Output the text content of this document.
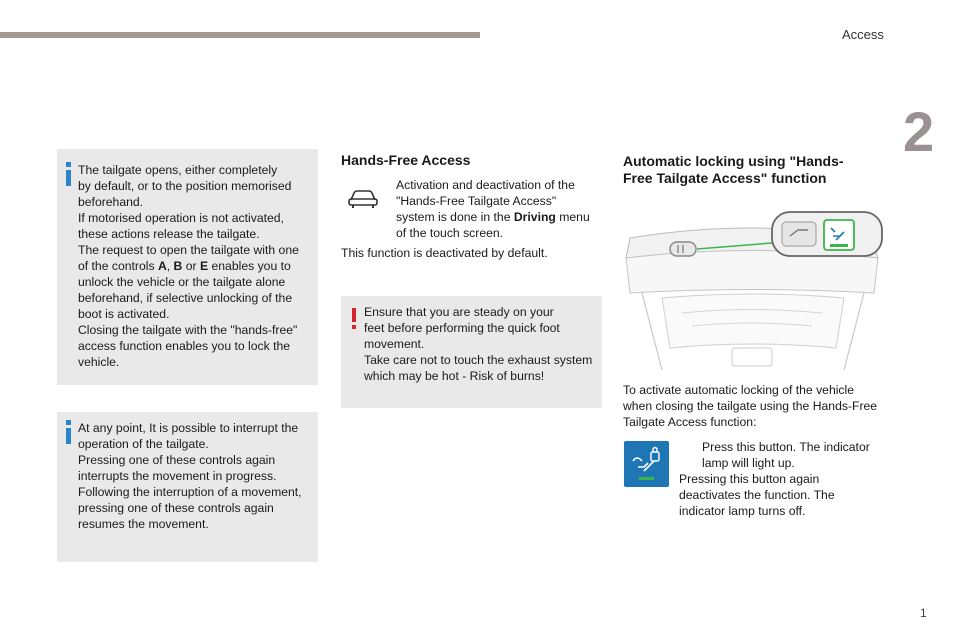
Access
2
1
The tailgate opens, either completely
by default, or to the position memorised
beforehand.
If motorised operation is not activated,
these actions release the tailgate.
The request to open the tailgate with one
of the controls A, B or E enables you to
unlock the vehicle or the tailgate alone
beforehand, if selective unlocking of the
boot is activated.
Closing the tailgate with the "hands-free"
access function enables you to lock the
vehicle.
At any point, It is possible to interrupt the
operation of the tailgate.
Pressing one of these controls again
interrupts the movement in progress.
Following the interruption of a movement,
pressing one of these controls again
resumes the movement.
Hands-Free Access
Activation and deactivation of the
"Hands-Free Tailgate Access"
system is done in the Driving menu
of the touch screen.
This function is deactivated by default.
Ensure that you are steady on your
feet before performing the quick foot
movement.
Take care not to touch the exhaust system
which may be hot - Risk of burns!
Automatic locking using "Hands-
Free Tailgate Access" function
To activate automatic locking of the vehicle
when closing the tailgate using the Hands-Free
Tailgate Access function:
Press this button. The indicator
lamp will light up.
Pressing this button again
deactivates the function. The
indicator lamp turns off.
